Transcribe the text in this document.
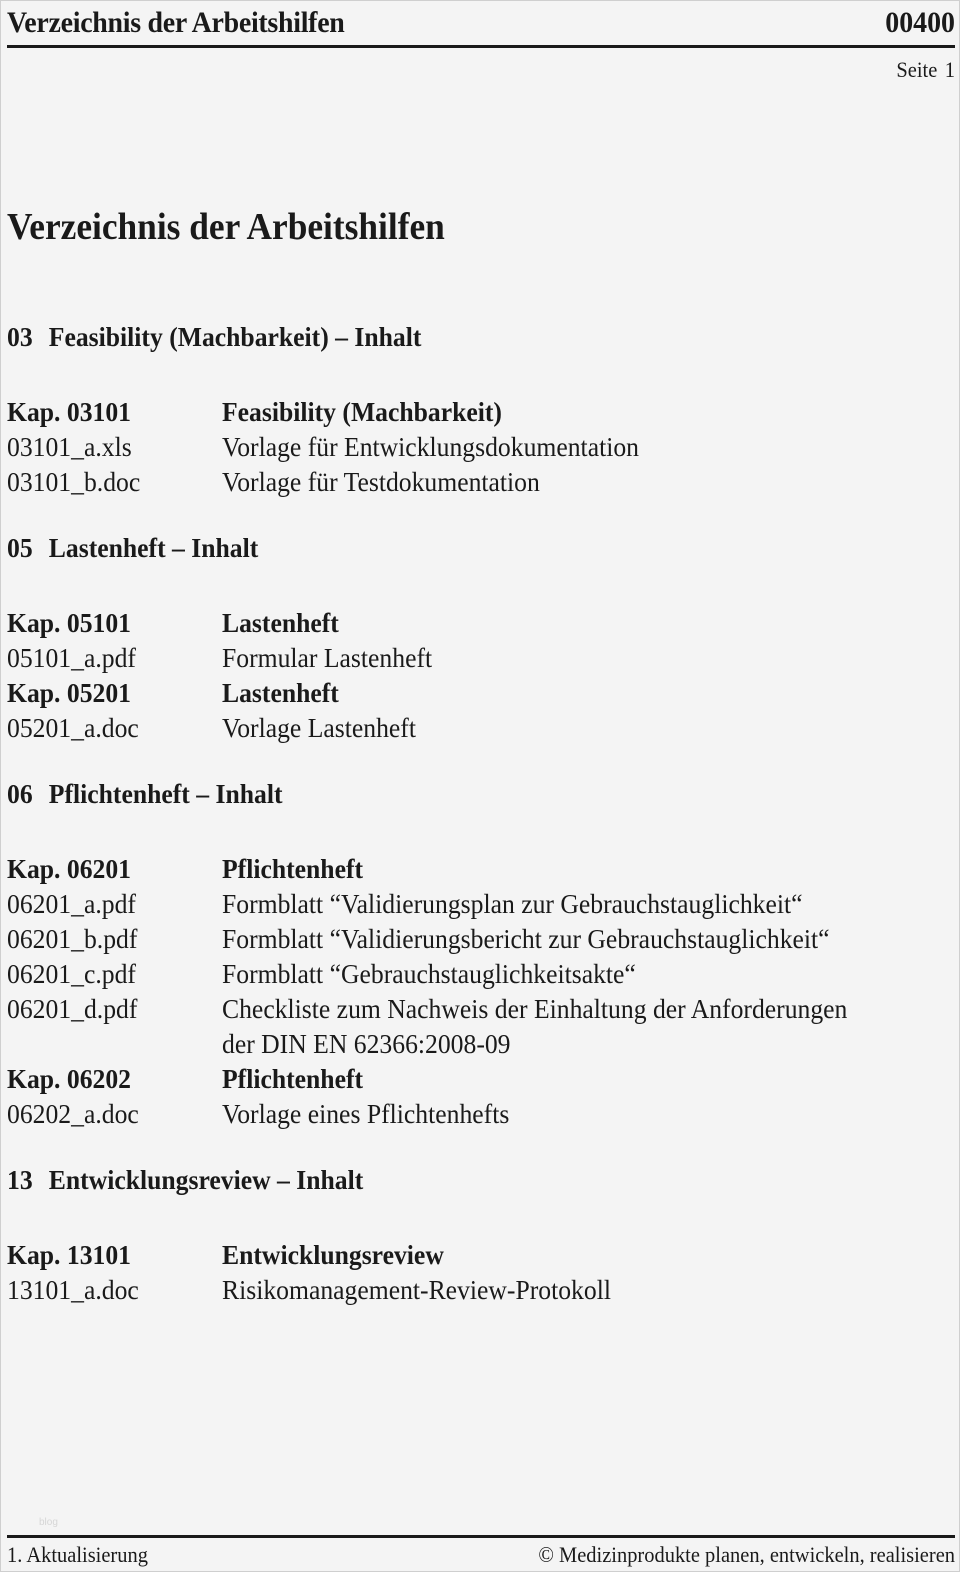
Verzeichnis der Arbeitshilfen	00400
Seite 1
Verzeichnis der Arbeitshilfen
03 Feasibility (Machbarkeit) – Inhalt
Kap. 03101	Feasibility (Machbarkeit)
03101_a.xls	Vorlage für Entwicklungsdokumentation
03101_b.doc	Vorlage für Testdokumentation
05 Lastenheft – Inhalt
Kap. 05101	Lastenheft
05101_a.pdf	Formular Lastenheft
Kap. 05201	Lastenheft
05201_a.doc	Vorlage Lastenheft
06 Pflichtenheft – Inhalt
Kap. 06201	Pflichtenheft
06201_a.pdf	Formblatt “Validierungsplan zur Gebrauchstauglichkeit“
06201_b.pdf	Formblatt “Validierungsbericht zur Gebrauchstauglichkeit“
06201_c.pdf	Formblatt “Gebrauchstauglichkeitsakte“
06201_d.pdf	Checkliste zum Nachweis der Einhaltung der Anforderungen
der DIN EN 62366:2008-09
Kap. 06202	Pflichtenheft
06202_a.doc	Vorlage eines Pflichtenhefts
13 Entwicklungsreview – Inhalt
Kap. 13101	Entwicklungsreview
13101_a.doc	Risikomanagement-Review-Protokoll
blog
1. Aktualisierung	© Medizinprodukte planen, entwickeln, realisieren
